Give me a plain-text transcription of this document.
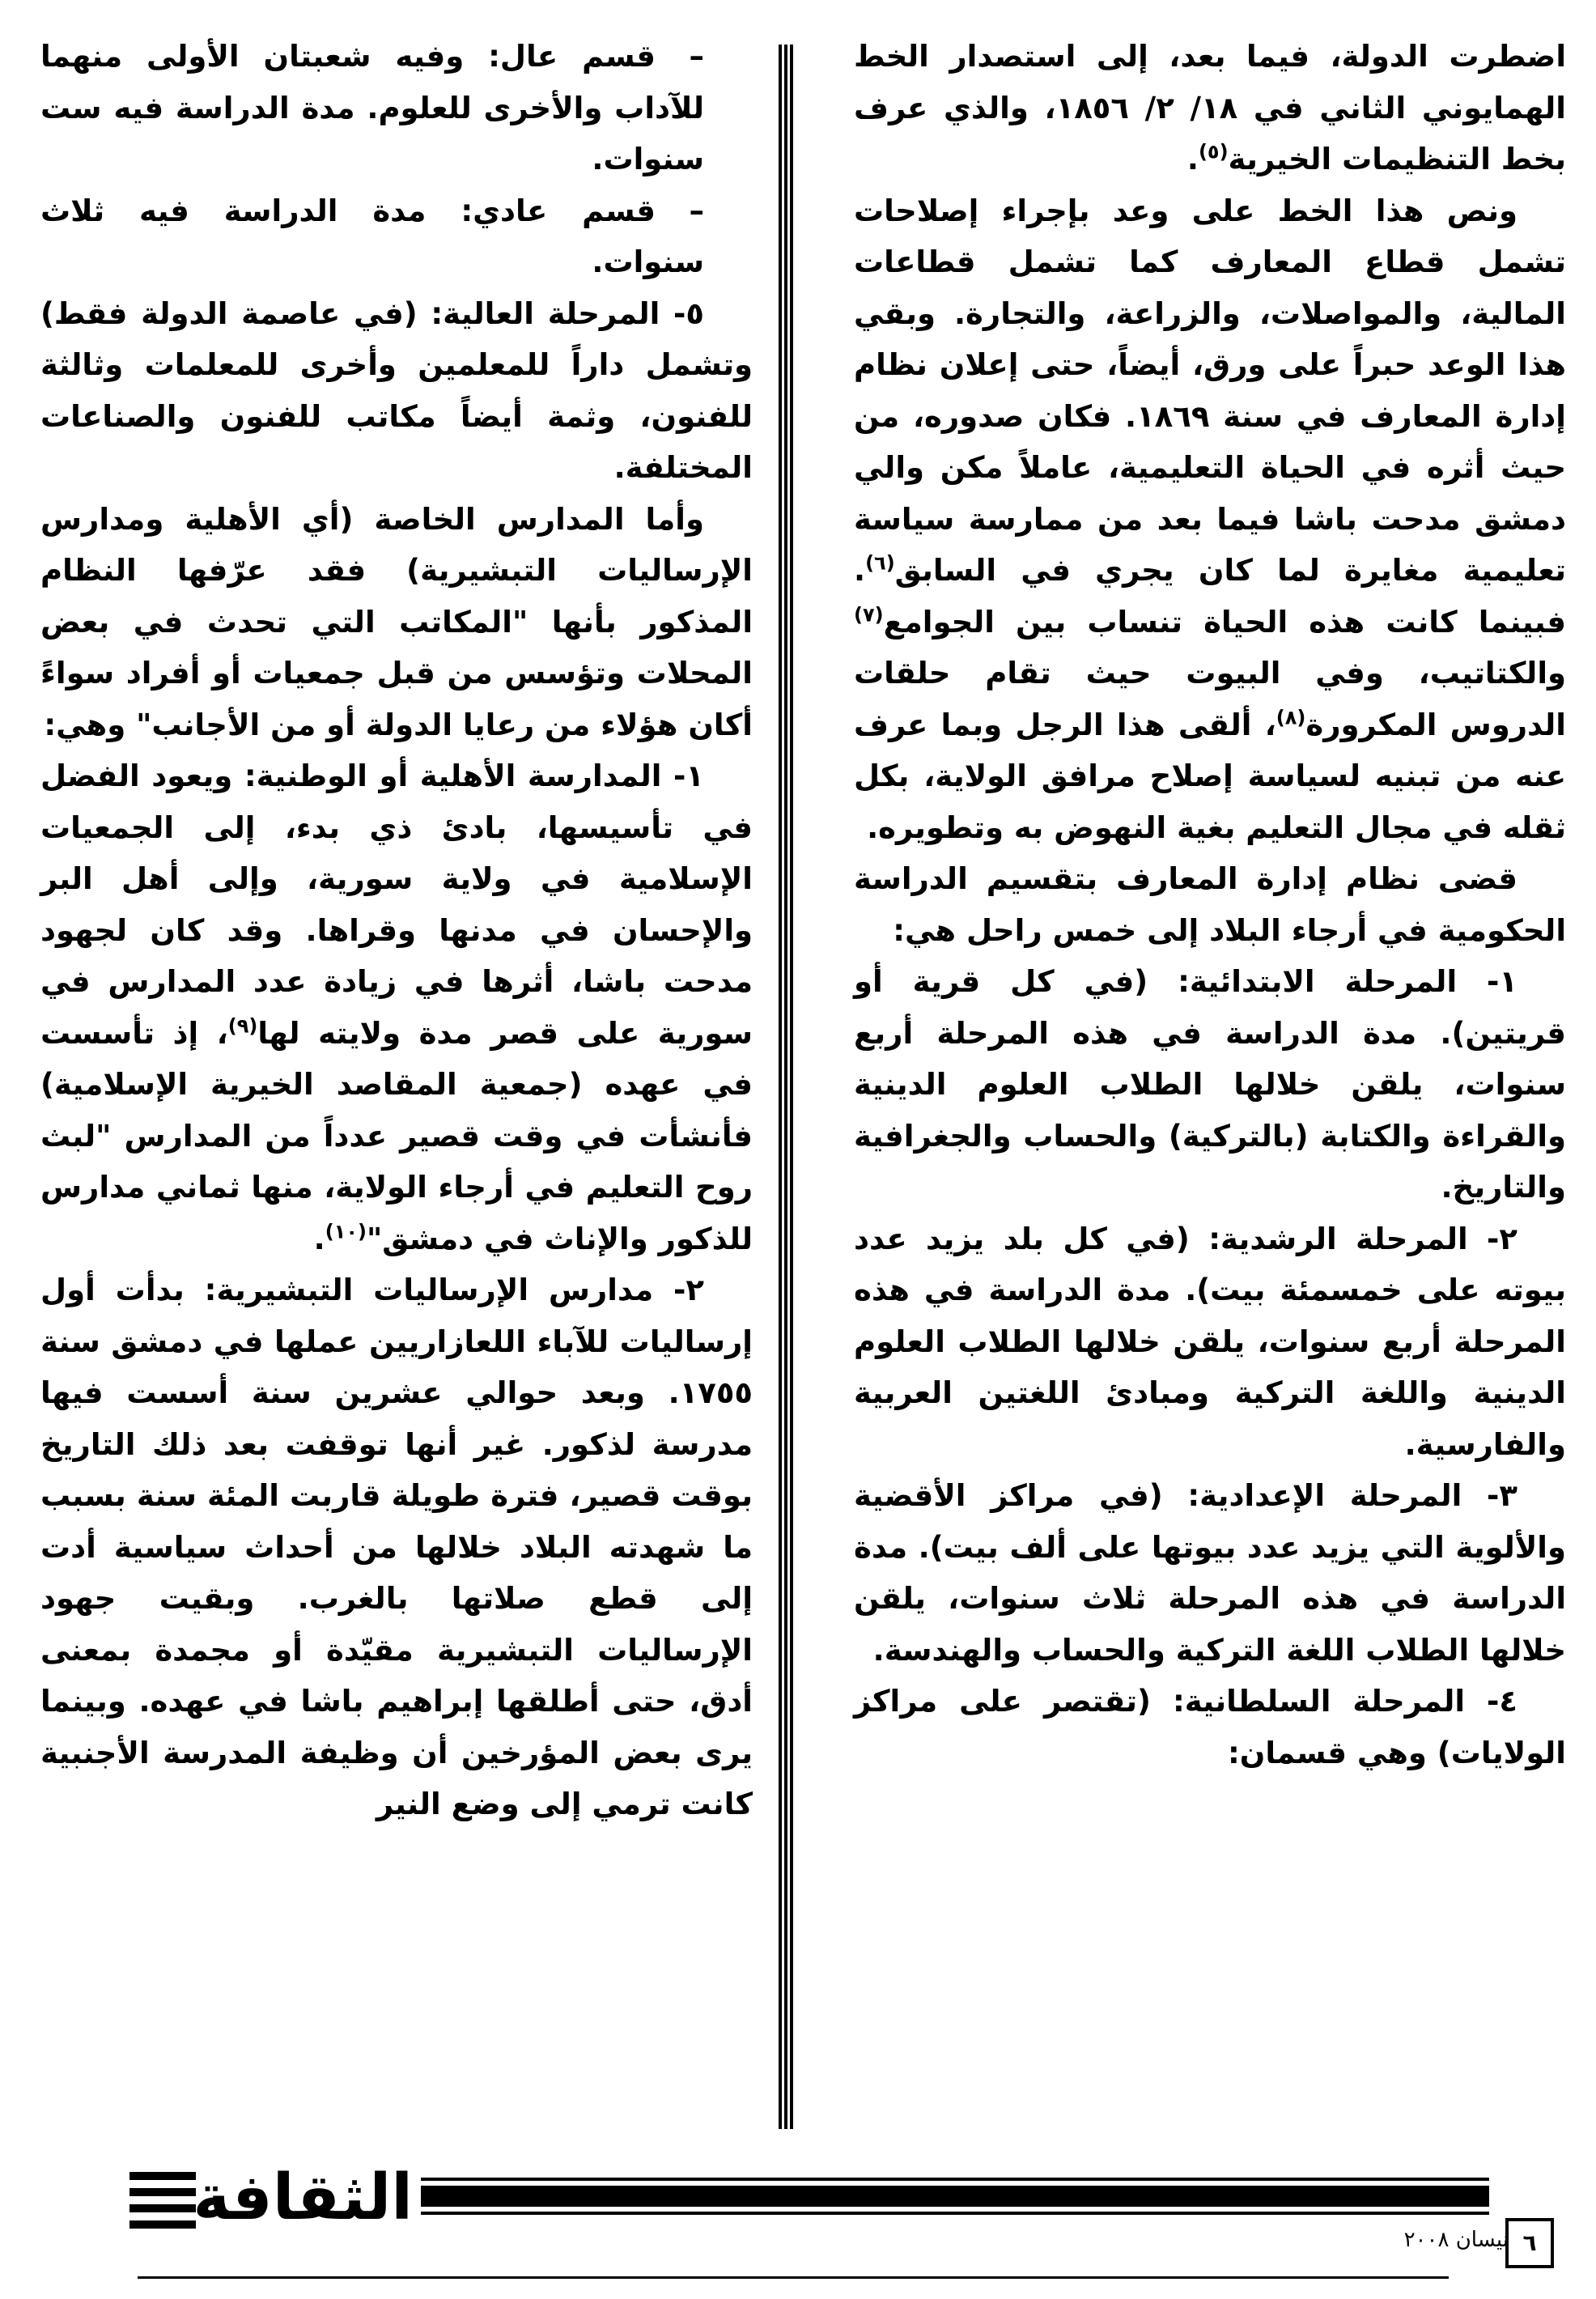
اضطرت الدولة، فيما بعد، إلى استصدار الخط الهمايوني الثاني في ١٨/ ٢/ ١٨٥٦، والذي عرف بخط التنظيمات الخيرية$^{(٥)}$.

ونص هذا الخط على وعد بإجراء إصلاحات تشمل قطاع المعارف كما تشمل قطاعات المالية، والمواصلات، والزراعة، والتجارة. وبقي هذا الوعد حبراً على ورق، أيضاً، حتى إعلان نظام إدارة المعارف في سنة ١٨٦٩. فكان صدوره، من حيث أثره في الحياة التعليمية، عاملاً مكن والي دمشق مدحت باشا فيما بعد من ممارسة سياسة تعليمية مغايرة لما كان يجري في السابق$^{(٦)}$. فبينما كانت هذه الحياة تنساب بين الجوامع$^{(٧)}$ والكتاتيب، وفي البيوت حيث تقام حلقات الدروس المكرورة$^{(٨)}$، ألقى هذا الرجل وبما عرف عنه من تبنيه لسياسة إصلاح مرافق الولاية، بكل ثقله في مجال التعليم بغية النهوض به وتطويره.

قضى نظام إدارة المعارف بتقسيم الدراسة الحكومية في أرجاء البلاد إلى خمس راحل هي:

١- المرحلة الابتدائية: (في كل قرية أو قريتين). مدة الدراسة في هذه المرحلة أربع سنوات، يلقن خلالها الطلاب العلوم الدينية والقراءة والكتابة (بالتركية) والحساب والجغرافية والتاريخ.

٢- المرحلة الرشدية: (في كل بلد يزيد عدد بيوته على خمسمئة بيت). مدة الدراسة في هذه المرحلة أربع سنوات، يلقن خلالها الطلاب العلوم الدينية واللغة التركية ومبادئ اللغتين العربية والفارسية.

٣- المرحلة الإعدادية: (في مراكز الأقضية والألوية التي يزيد عدد بيوتها على ألف بيت). مدة الدراسة في هذه المرحلة ثلاث سنوات، يلقن خلالها الطلاب اللغة التركية والحساب والهندسة.

٤- المرحلة السلطانية: (تقتصر على مراكز الولايات) وهي قسمان:

–قسم عال: وفيه شعبتان الأولى منهما للآداب والأخرى للعلوم. مدة الدراسة فيه ست سنوات.

–قسم عادي: مدة الدراسة فيه ثلاث سنوات.

٥- المرحلة العالية: (في عاصمة الدولة فقط) وتشمل داراً للمعلمين وأخرى للمعلمات وثالثة للفنون، وثمة أيضاً مكاتب للفنون والصناعات المختلفة.

وأما المدارس الخاصة (أي الأهلية ومدارس الإرساليات التبشيرية) فقد عرّفها النظام المذكور بأنها "المكاتب التي تحدث في بعض المحلات وتؤسس من قبل جمعيات أو أفراد سواءً أكان هؤلاء من رعايا الدولة أو من الأجانب" وهي:

١- المدارسة الأهلية أو الوطنية: ويعود الفضل في تأسيسها، بادئ ذي بدء، إلى الجمعيات الإسلامية في ولاية سورية، وإلى أهل البر والإحسان في مدنها وقراها. وقد كان لجهود مدحت باشا، أثرها في زيادة عدد المدارس في سورية على قصر مدة ولايته لها$^{(٩)}$، إذ تأسست في عهده (جمعية المقاصد الخيرية الإسلامية) فأنشأت في وقت قصير عدداً من المدارس "لبث روح التعليم في أرجاء الولاية، منها ثماني مدارس للذكور والإناث في دمشق"$^{(١٠)}$.

٢- مدارس الإرساليات التبشيرية: بدأت أول إرساليات للآباء اللعازاريين عملها في دمشق سنة ١٧٥٥. وبعد حوالي عشرين سنة أسست فيها مدرسة لذكور. غير أنها توقفت بعد ذلك التاريخ بوقت قصير، فترة طويلة قاربت المئة سنة بسبب ما شهدته البلاد خلالها من أحداث سياسية أدت إلى قطع صلاتها بالغرب. وبقيت جهود الإرساليات التبشيرية مقيّدة أو مجمدة بمعنى أدق، حتى أطلقها إبراهيم باشا في عهده. وبينما يرى بعض المؤرخين أن وظيفة المدرسة الأجنبية كانت ترمي إلى وضع النير

الثقافة
نيسان ٢٠٠٨ ٦
